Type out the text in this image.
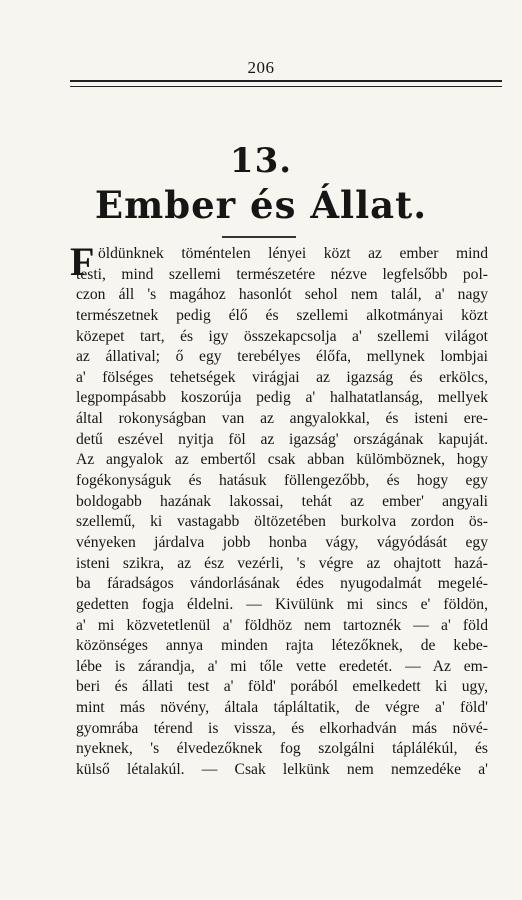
206
13.
Ember és Állat.
F öldünknek töméntelen lényei közt az ember mind
testi, mind szellemi természetére nézve legfelsőbb pol-
czon áll 's magához hasonlót sehol nem talál, a' nagy
természetnek pedig élő és szellemi alkotmányai közt
közepet tart, és igy összekapcsolja a' szellemi világot
az állatival; ő egy terebélyes élőfa, mellynek lombjai
a' fölséges tehetségek virágjai az igazság és erkölcs,
legpompásabb koszorúja pedig a' halhatatlanság, mellyek
által rokonyságban van az angyalokkal, és isteni ere-
detű eszével nyitja föl az igazság' országának kapuját.
Az angyalok az embertől csak abban külömböznek, hogy
fogékonyságuk és hatásuk föllengezőbb, és hogy egy
boldogabb hazának lakossai, tehát az ember' angyali
szellemű, ki vastagabb öltözetében burkolva zordon ös-
vényeken járdalva jobb honba vágy, vágyódását egy
isteni szikra, az ész vezérli, 's végre az ohajtott hazá-
ba fáradságos vándorlásának édes nyugodalmát megelé-
gedetten fogja éldelni. — Kivülünk mi sincs e' földön,
a' mi közvetetlenül a' földhöz nem tartoznék — a' föld
közönséges annya minden rajta létezőknek, de kebe-
lébe is zárandja, a' mi tőle vette eredetét. — Az em-
beri és állati test a' föld' porából emelkedett ki ugy,
mint más növény, általa tápláltatik, de végre a' föld'
gyomrába térend is vissza, és elkorhadván más növé-
nyeknek, 's élvedezőknek fog szolgálni táplálékúl, és
külső létalakúl. — Csak lelkünk nem nemzedéke a'
